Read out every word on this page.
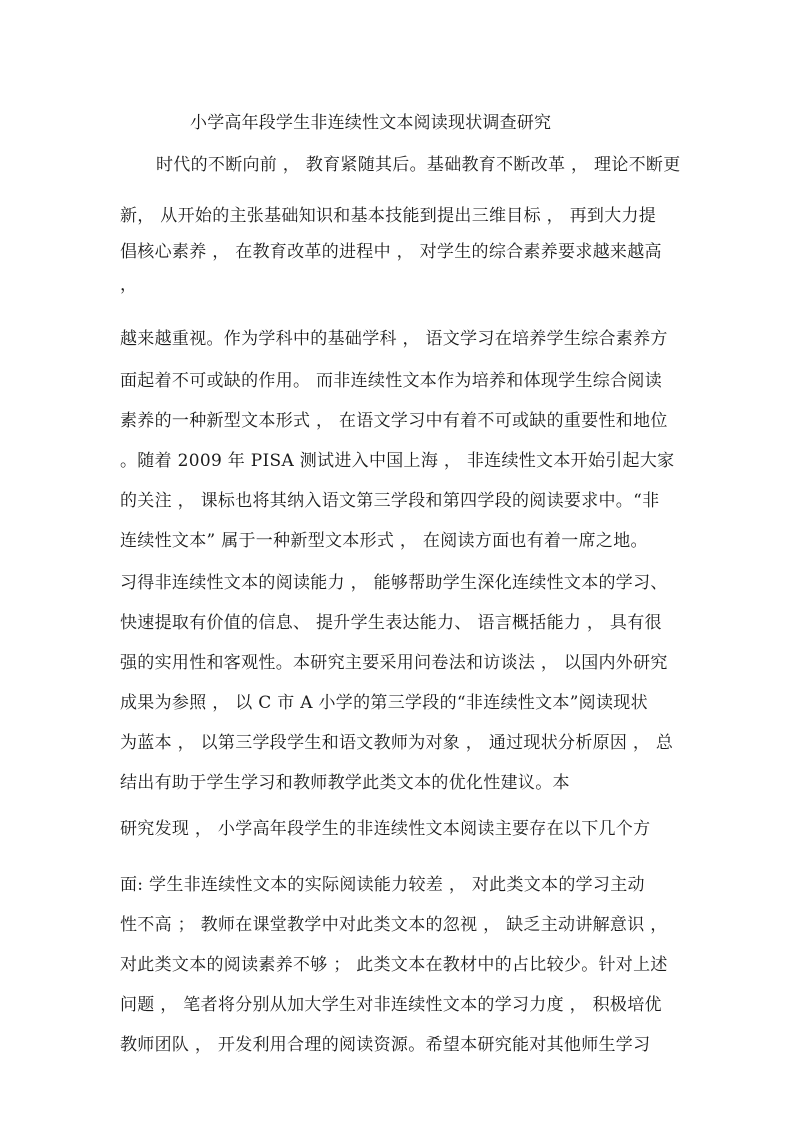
小学高年段学生非连续性文本阅读现状调查研究
时代的不断向前 ， 教育紧随其后。基础教育不断改革 ， 理论不断更
新， 从开始的主张基础知识和基本技能到提出三维目标 ， 再到大力提
倡核心素养 ， 在教育改革的进程中 ， 对学生的综合素养要求越来越高
，
越来越重视。作为学科中的基础学科 ， 语文学习在培养学生综合素养方
面起着不可或缺的作用。 而非连续性文本作为培养和体现学生综合阅读
素养的一种新型文本形式 ， 在语文学习中有着不可或缺的重要性和地位
。随着 2009 年 PISA 测试进入中国上海 ， 非连续性文本开始引起大家
的关注 ， 课标也将其纳入语文第三学段和第四学段的阅读要求中。“非
连续性文本” 属于一种新型文本形式 ， 在阅读方面也有着一席之地。
习得非连续性文本的阅读能力 ， 能够帮助学生深化连续性文本的学习、
快速提取有价值的信息、 提升学生表达能力、 语言概括能力 ， 具有很
强的实用性和客观性。本研究主要采用问卷法和访谈法 ， 以国内外研究
成果为参照 ， 以 C 市 A 小学的第三学段的“非连续性文本”阅读现状
为蓝本 ， 以第三学段学生和语文教师为对象 ， 通过现状分析原因 ， 总
结出有助于学生学习和教师教学此类文本的优化性建议。本
研究发现 ， 小学高年段学生的非连续性文本阅读主要存在以下几个方
面: 学生非连续性文本的实际阅读能力较差 ， 对此类文本的学习主动
性不高 ； 教师在课堂教学中对此类文本的忽视 ， 缺乏主动讲解意识 ，
对此类文本的阅读素养不够 ； 此类文本在教材中的占比较少。针对上述
问题 ， 笔者将分别从加大学生对非连续性文本的学习力度 ， 积极培优
教师团队 ， 开发利用合理的阅读资源。希望本研究能对其他师生学习
